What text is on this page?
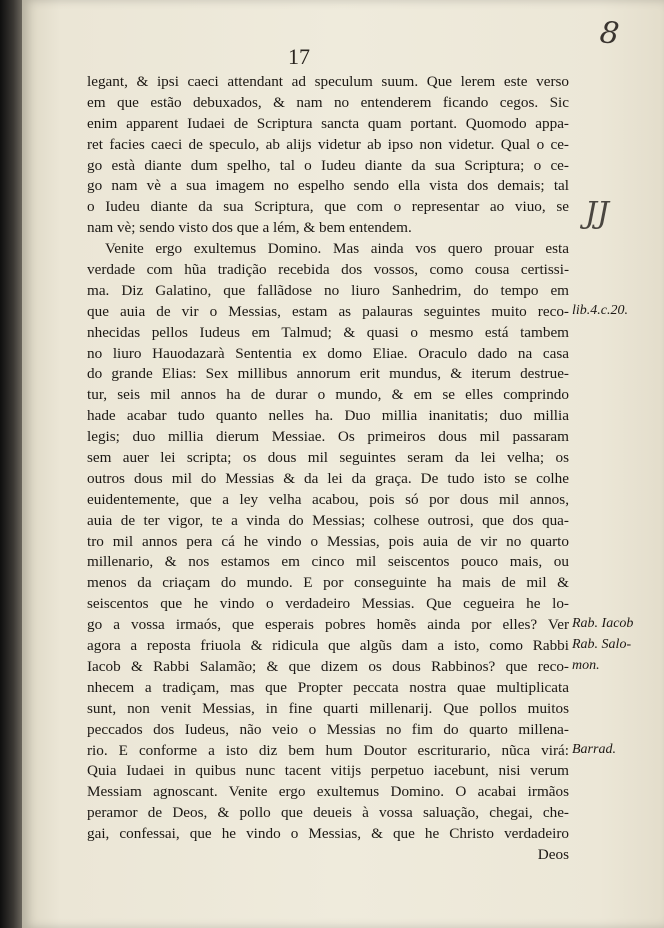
17
8
JJ
legant, & ipsi caeci attendant ad speculum suum. Que lerem este verso
em que estão debuxados, & nam no entenderem ficando cegos. Sic
enim apparent Iudaei de Scriptura sancta quam portant. Quomodo appa-
ret facies caeci de speculo, ab alijs videtur ab ipso non videtur. Qual o ce-
go està diante dum spelho, tal o Iudeu diante da sua Scriptura; o ce-
go nam vè a sua imagem no espelho sendo ella vista dos demais; tal
o Iudeu diante da sua Scriptura, que com o representar ao viuo, se
nam vè; sendo visto dos que a lém, & bem entendem.
Venite ergo exultemus Domino. Mas ainda vos quero prouar esta
verdade com hũa tradição recebida dos vossos, como cousa certissi-
ma. Diz Galatino, que fallãdose no liuro Sanhedrim, do tempo em
que auia de vir o Messias, estam as palauras seguintes muito reco-
nhecidas pellos Iudeus em Talmud; & quasi o mesmo está tambem
no liuro Hauodazarà Sententia ex domo Eliae. Oraculo dado na casa
do grande Elias: Sex millibus annorum erit mundus, & iterum destrue-
tur, seis mil annos ha de durar o mundo, & em se elles comprindo
hade acabar tudo quanto nelles ha. Duo millia inanitatis; duo millia
legis; duo millia dierum Messiae. Os primeiros dous mil passaram
sem auer lei scripta; os dous mil seguintes seram da lei velha; os
outros dous mil do Messias & da lei da graça. De tudo isto se colhe
euidentemente, que a ley velha acabou, pois só por dous mil annos,
auia de ter vigor, te a vinda do Messias; colhese outrosi, que dos qua-
tro mil annos pera cá he vindo o Messias, pois auia de vir no quarto
millenario, & nos estamos em cinco mil seiscentos pouco mais, ou
menos da criaçam do mundo. E por conseguinte ha mais de mil &
seiscentos que he vindo o verdadeiro Messias. Que cegueira he lo-
go a vossa irmaós, que esperais pobres homẽs ainda por elles? Ver
agora a reposta friuola & ridicula que algũs dam a isto, como Rabbi
Iacob & Rabbi Salamão; & que dizem os dous Rabbinos? que reco-
nhecem a tradiçam, mas que Propter peccata nostra quae multiplicata
sunt, non venit Messias, in fine quarti millenarij. Que pollos muitos
peccados dos Iudeus, não veio o Messias no fim do quarto millena-
rio. E conforme a isto diz bem hum Doutor escriturario, nũca virá:
Quia Iudaei in quibus nunc tacent vitijs perpetuo iacebunt, nisi verum
Messiam agnoscant. Venite ergo exultemus Domino. O acabai irmãos
peramor de Deos, & pollo que deueis à vossa saluação, chegai, che-
gai, confessai, que he vindo o Messias, & que he Christo verdadeiro
Deos
lib.4.c.20.
Rab. Iacob
Rab. Salo-
mon.
Barrad.
